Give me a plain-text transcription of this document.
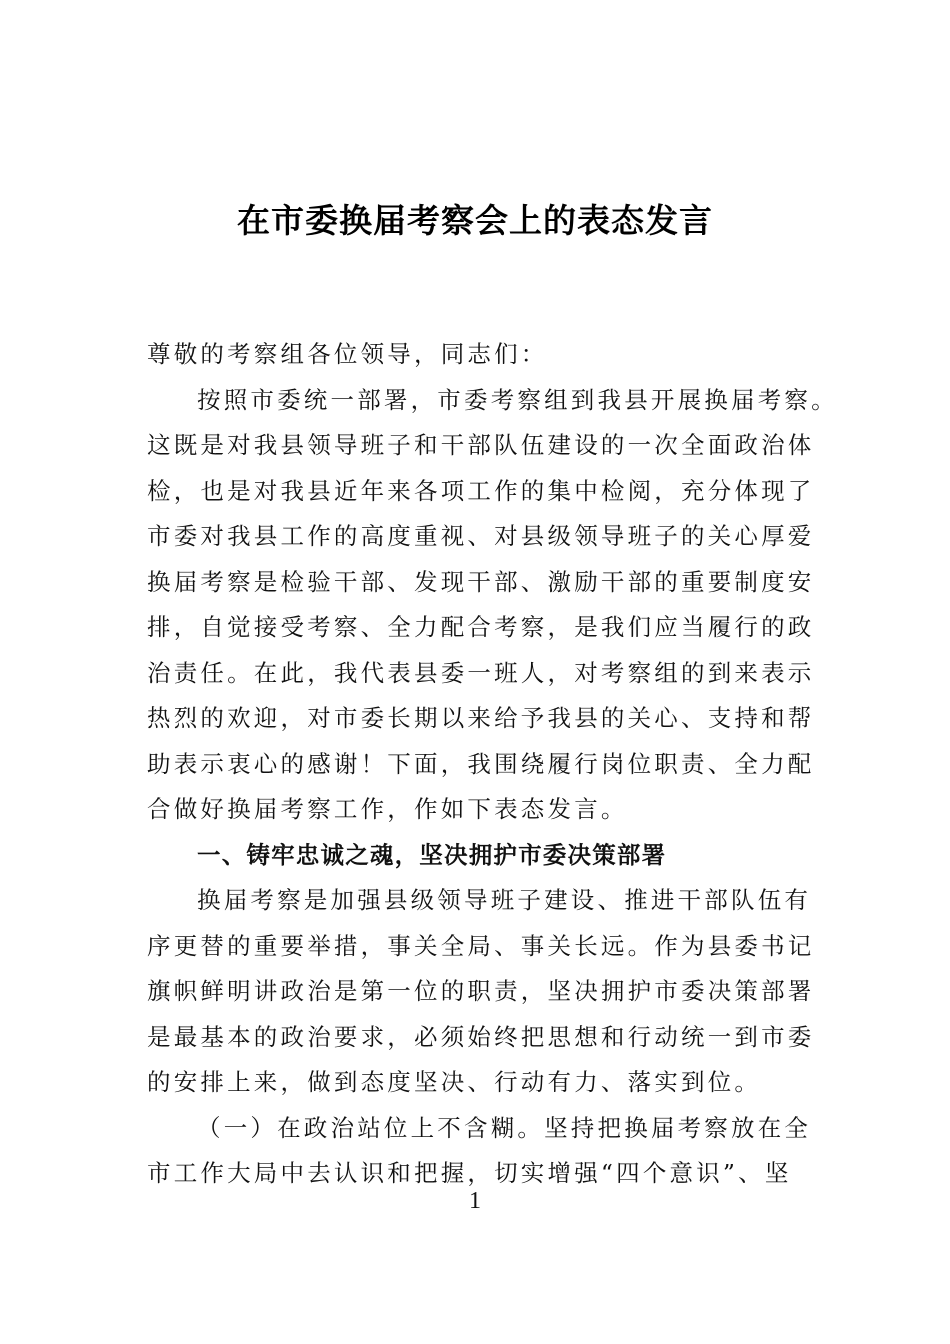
在市委换届考察会上的表态发言
尊敬的考察组各位领导，同志们：
按照市委统一部署，市委考察组到我县开展换届考察。
这既是对我县领导班子和干部队伍建设的一次全面政治体
检，也是对我县近年来各项工作的集中检阅，充分体现了
市委对我县工作的高度重视、对县级领导班子的关心厚爱
换届考察是检验干部、发现干部、激励干部的重要制度安
排，自觉接受考察、全力配合考察，是我们应当履行的政
治责任。在此，我代表县委一班人，对考察组的到来表示
热烈的欢迎，对市委长期以来给予我县的关心、支持和帮
助表示衷心的感谢！下面，我围绕履行岗位职责、全力配
合做好换届考察工作，作如下表态发言。
一、铸牢忠诚之魂，坚决拥护市委决策部署
换届考察是加强县级领导班子建设、推进干部队伍有
序更替的重要举措，事关全局、事关长远。作为县委书记
旗帜鲜明讲政治是第一位的职责，坚决拥护市委决策部署
是最基本的政治要求，必须始终把思想和行动统一到市委
的安排上来，做到态度坚决、行动有力、落实到位。
（一）在政治站位上不含糊。坚持把换届考察放在全
市工作大局中去认识和把握，切实增强“四个意识”、坚
1
